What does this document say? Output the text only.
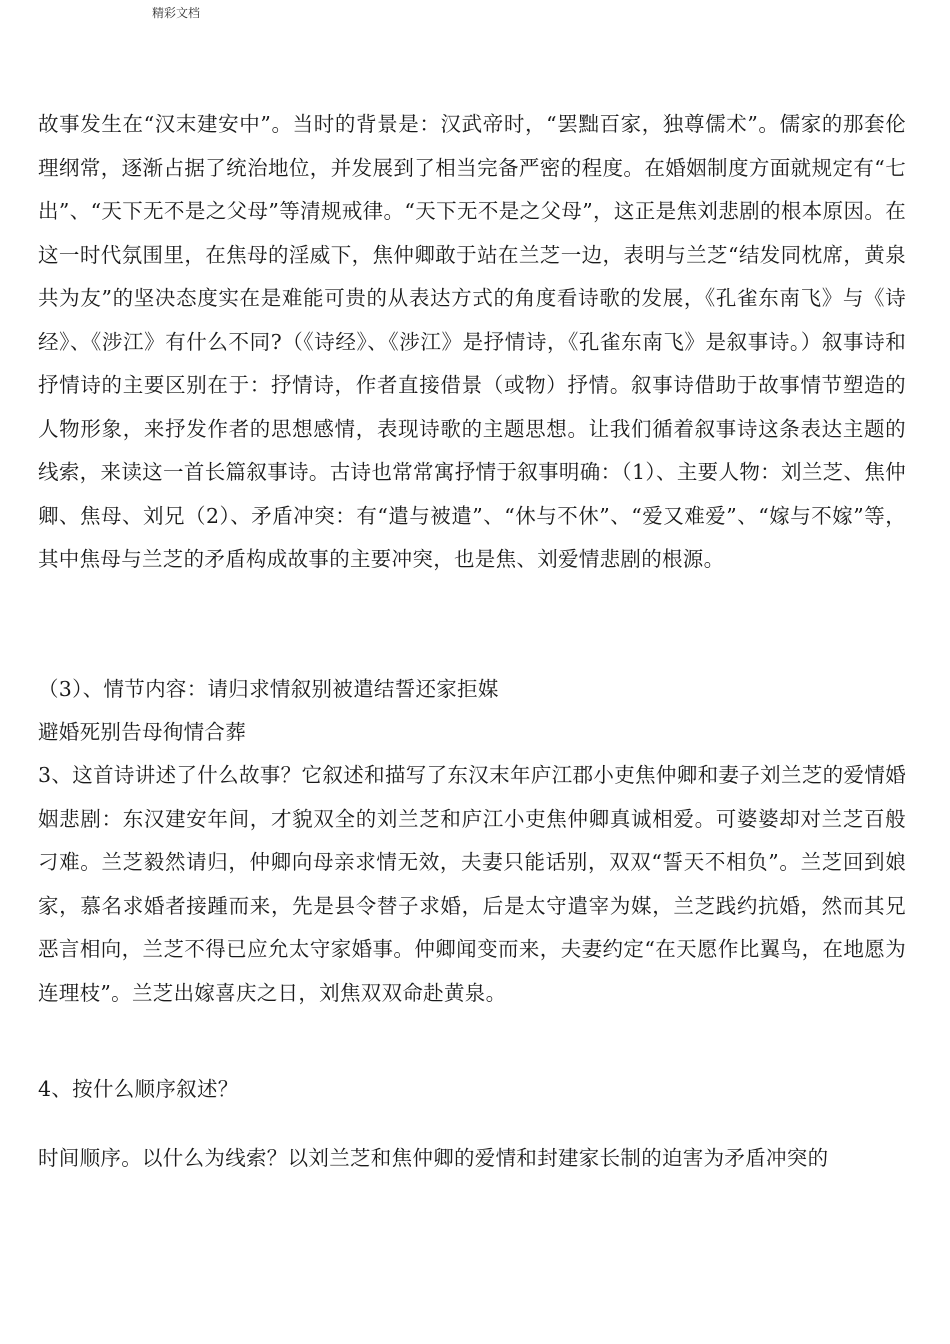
精彩文档

故事发生在“汉末建安中”。当时的背景是：汉武帝时，“罢黜百家，独尊儒术”。儒家的那套伦理纲常，逐渐占据了统治地位，并发展到了相当完备严密的程度。在婚姻制度方面就规定有“七出”、“天下无不是之父母”等清规戒律。“天下无不是之父母”，这正是焦刘悲剧的根本原因。在这一时代氛围里，在焦母的淫威下，焦仲卿敢于站在兰芝一边，表明与兰芝“结发同枕席，黄泉共为友”的坚决态度实在是难能可贵的从表达方式的角度看诗歌的发展，《孔雀东南飞》与《诗经》、《涉江》有什么不同?（《诗经》、《涉江》是抒情诗，《孔雀东南飞》是叙事诗。）叙事诗和抒情诗的主要区别在于：抒情诗，作者直接借景（或物）抒情。叙事诗借助于故事情节塑造的人物形象，来抒发作者的思想感情，表现诗歌的主题思想。让我们循着叙事诗这条表达主题的线索，来读这一首长篇叙事诗。古诗也常常寓抒情于叙事明确：（1）、主要人物：刘兰芝、焦仲卿、焦母、刘兄（2）、矛盾冲突：有“遣与被遣”、“休与不休”、“爱又难爱”、“嫁与不嫁”等，其中焦母与兰芝的矛盾构成故事的主要冲突，也是焦、刘爱情悲剧的根源。

（3）、情节内容：请归求情叙别被遣结誓还家拒媒

避婚死别告母徇情合葬

3、这首诗讲述了什么故事？它叙述和描写了东汉末年庐江郡小吏焦仲卿和妻子刘兰芝的爱情婚姻悲剧：东汉建安年间，才貌双全的刘兰芝和庐江小吏焦仲卿真诚相爱。可婆婆却对兰芝百般刁难。兰芝毅然请归，仲卿向母亲求情无效，夫妻只能话别，双双“誓天不相负”。兰芝回到娘家，慕名求婚者接踵而来，先是县令替子求婚，后是太守遣宰为媒，兰芝践约抗婚，然而其兄恶言相向，兰芝不得已应允太守家婚事。仲卿闻变而来，夫妻约定“在天愿作比翼鸟，在地愿为连理枝”。兰芝出嫁喜庆之日，刘焦双双命赴黄泉。

4、按什么顺序叙述？

时间顺序。以什么为线索？以刘兰芝和焦仲卿的爱情和封建家长制的迫害为矛盾冲突的
